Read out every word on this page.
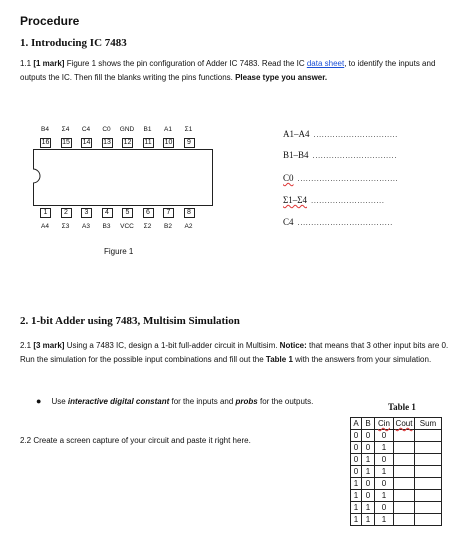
Procedure
1. Introducing IC 7483
1.1 [1 mark] Figure 1 shows the pin configuration of Adder IC 7483. Read the IC data sheet, to identify the inputs and outputs the IC. Then fill the blanks writing the pins functions. Please type you answer.
B4
16
Σ4
15
C4
14
C0
13
GND
12
B1
11
A1
10
Σ1
9
1
A4
2
Σ3
3
A3
4
B3
5
VCC
6
Σ2
7
B2
8
A2
Figure 1
A1–A4 ...............................
B1–B4 ...............................
C0 .....................................
Σ1–Σ4 ...........................
C4 ...................................
2. 1-bit Adder using 7483, Multisim Simulation
2.1 [3 mark] Using a 7483 IC, design a 1-bit full-adder circuit in Multisim. Notice: that means that 3 other input bits are 0. Run the simulation for the possible input combinations and fill out the Table 1 with the answers from your simulation.
● Use interactive digital constant for the inputs and probs for the outputs.
2.2 Create a screen capture of your circuit and paste it right here.
Table 1
A	B	Cin	Cout	Sum
0	0	0		
0	0	1		
0	1	0		
0	1	1		
1	0	0		
1	0	1		
1	1	0		
1	1	1		
